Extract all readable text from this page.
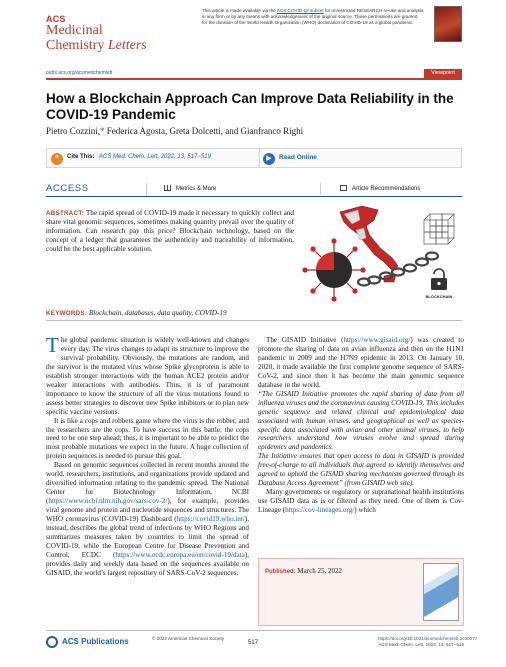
ACS
Medicinal
Chemistry Letters
This article is made available via the ACS COVID-19 subset for unrestricted RESEARCH re-use and analysis in any form or by any means with acknowledgement of the original source. These permissions are granted for the duration of the World Health Organization (WHO) declaration of COVID-19 as a global pandemic.
pubs.acs.org/acsmedchemlett	Viewpoint
How a Blockchain Approach Can Improve Data Reliability in the COVID-19 Pandemic
Pietro Cozzini,* Federica Agosta, Greta Dolcetti, and Gianfranco Righi
“	Cite This: ACS Med. Chem. Lett. 2022, 13, 517−519	▶	Read Online
ACCESS	Metrics & More	Article Recommendations
ABSTRACT: The rapid spread of COVID-19 made it necessary to quickly collect and share vital genomic sequences, sometimes making quantity prevail over the quality of information. Can research pay this price? Blockchain technology, based on the concept of a ledger that guarantees the authenticity and traceability of information, could be the best applicable solution.
BLOCKCHAIN
KEYWORDS: Blockchain, databases, data quality, COVID-19

The global pandemic situation is widely well-known and changes every day. The virus changes to adapt its structure to improve the survival probability. Obviously, the mutations are random, and the survivor is the mutated virus whose Spike glycoprotein is able to establish stronger interactions with the human ACE2 protein and/or weaker interactions with antibodies. Thus, it is of paramount importance to know the structure of all the virus mutations found to assess better strategies to discover new Spike inhibitors or to plan new specific vaccine versions.

It is like a cops and robbers game where the virus is the robber, and the researchers are the cops. To have success in this battle, the cops need to be one step ahead; thus, it is important to be able to predict the most probable mutations we expect in the future. A huge collection of protein sequences is needed to pursue this goal.

Based on genomic sequences collected in recent months around the world, researchers, institutions, and organizations provide updated and diversified information relating to the pandemic spread. The National Center for Biotechnology Information, NCBI (https://www.ncbi.nlm.nih.gov/sars-cov-2/), for example, provides viral genome and protein and nucleotide sequences and structures. The WHO coronavirus (COVID-19) Dashboard (https://covid19.who.int/), instead, describes the global trend of infections by WHO Regions and summarizes measures taken by countries to limit the spread of COVID-19, while the European Centre for Disease Prevention and Control, ECDC (https://www.ecdc.europa.eu/en/covid-19/data), provides daily and weekly data based on the sequences available on GISAID, the world’s largest repository of SARS-CoV-2 sequences.

The GISAID Initiative (https://www.gisaid.org/) was created to promote the sharing of data on avian influenza and then on the H1N1 pandemic in 2009 and the H7N9 epidemic in 2013. On January 10, 2020, it made available the first complete genome sequence of SARS-CoV-2, and since then it has become the main genomic sequence database in the world.

“The GISAID Initiative promotes the rapid sharing of data from all influenza viruses and the coronavirus causing COVID-19. This includes genetic sequence and related clinical and epidemiological data associated with human viruses, and geographical as well as species-specific data associated with avian and other animal viruses, to help researchers understand how viruses evolve and spread during epidemics and pandemics.

The Initiative ensures that open access to data in GISAID is provided free-of-charge to all individuals that agreed to identify themselves and agreed to uphold the GISAID sharing mechanism governed through its Database Access Agreement” (from GISAID web site).

Many governments or regulatory or supranational health institutions use GISAID data as is or filtered as they need. One of them is Cov-Lineage (https://cov-lineages.org/) which

Published: March 25, 2022
ACS Publications	© 2022 American Chemical Society
517
https://doi.org/10.1021/acsmedchemlett.2c00077
ACS Med. Chem. Lett. 2022, 13, 517−519
